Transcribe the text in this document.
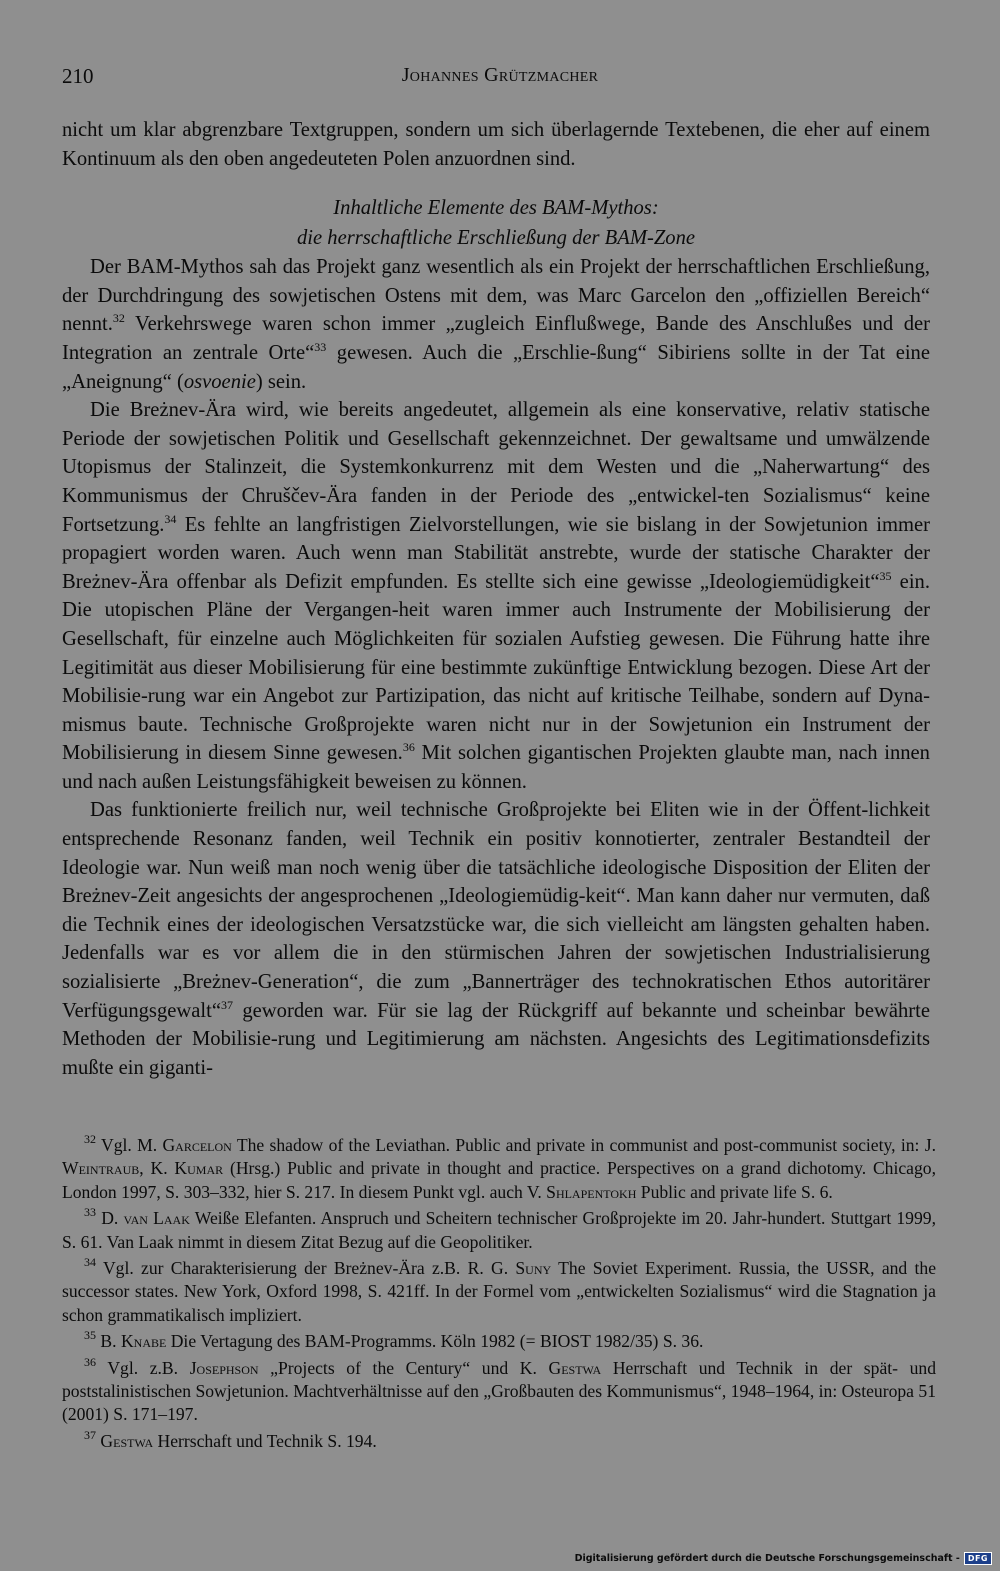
210	Johannes Grützmacher

nicht um klar abgrenzbare Textgruppen, sondern um sich überlagernde Textebenen, die eher auf einem Kontinuum als den oben angedeuteten Polen anzuordnen sind.

Inhaltliche Elemente des BAM-Mythos:
die herrschaftliche Erschließung der BAM-Zone

Der BAM-Mythos sah das Projekt ganz wesentlich als ein Projekt der herrschaftlichen Erschließung, der Durchdringung des sowjetischen Ostens mit dem, was Marc Garcelon den „offiziellen Bereich“ nennt.$^{32}$ Verkehrswege waren schon immer „zugleich Einflußwege, Bande des Anschlußes und der Integration an zentrale Orte“$^{33}$ gewesen. Auch die „Erschlie-ßung“ Sibiriens sollte in der Tat eine „Aneignung“ (osvoenie) sein.

Die Breżnev-Ära wird, wie bereits angedeutet, allgemein als eine konservative, relativ statische Periode der sowjetischen Politik und Gesellschaft gekennzeichnet. Der gewaltsame und umwälzende Utopismus der Stalinzeit, die Systemkonkurrenz mit dem Westen und die „Naherwartung“ des Kommunismus der Chruščev-Ära fanden in der Periode des „entwickel-ten Sozialismus“ keine Fortsetzung.$^{34}$ Es fehlte an langfristigen Zielvorstellungen, wie sie bislang in der Sowjetunion immer propagiert worden waren. Auch wenn man Stabilität anstrebte, wurde der statische Charakter der Breżnev-Ära offenbar als Defizit empfunden. Es stellte sich eine gewisse „Ideologiemüdigkeit“$^{35}$ ein. Die utopischen Pläne der Vergangen-heit waren immer auch Instrumente der Mobilisierung der Gesellschaft, für einzelne auch Möglichkeiten für sozialen Aufstieg gewesen. Die Führung hatte ihre Legitimität aus dieser Mobilisierung für eine bestimmte zukünftige Entwicklung bezogen. Diese Art der Mobilisie-rung war ein Angebot zur Partizipation, das nicht auf kritische Teilhabe, sondern auf Dyna-mismus baute. Technische Großprojekte waren nicht nur in der Sowjetunion ein Instrument der Mobilisierung in diesem Sinne gewesen.$^{36}$ Mit solchen gigantischen Projekten glaubte man, nach innen und nach außen Leistungsfähigkeit beweisen zu können.

Das funktionierte freilich nur, weil technische Großprojekte bei Eliten wie in der Öffent-lichkeit entsprechende Resonanz fanden, weil Technik ein positiv konnotierter, zentraler Bestandteil der Ideologie war. Nun weiß man noch wenig über die tatsächliche ideologische Disposition der Eliten der Breżnev-Zeit angesichts der angesprochenen „Ideologiemüdig-keit“. Man kann daher nur vermuten, daß die Technik eines der ideologischen Versatzstücke war, die sich vielleicht am längsten gehalten haben. Jedenfalls war es vor allem die in den stürmischen Jahren der sowjetischen Industrialisierung sozialisierte „Breżnev-Generation“, die zum „Bannerträger des technokratischen Ethos autoritärer Verfügungsgewalt“$^{37}$ geworden war. Für sie lag der Rückgriff auf bekannte und scheinbar bewährte Methoden der Mobilisie-rung und Legitimierung am nächsten. Angesichts des Legitimationsdefizits mußte ein giganti-

$^{32}$ Vgl. M. Garcelon The shadow of the Leviathan. Public and private in communist and post-communist society, in: J. Weintraub, K. Kumar (Hrsg.) Public and private in thought and practice. Perspectives on a grand dichotomy. Chicago, London 1997, S. 303–332, hier S. 217. In diesem Punkt vgl. auch V. Shlapentokh Public and private life S. 6.

$^{33}$ D. van Laak Weiße Elefanten. Anspruch und Scheitern technischer Großprojekte im 20. Jahr-hundert. Stuttgart 1999, S. 61. Van Laak nimmt in diesem Zitat Bezug auf die Geopolitiker.

$^{34}$ Vgl. zur Charakterisierung der Breżnev-Ära z.B. R. G. Suny The Soviet Experiment. Russia, the USSR, and the successor states. New York, Oxford 1998, S. 421ff. In der Formel vom „entwickelten Sozialismus“ wird die Stagnation ja schon grammatikalisch impliziert.

$^{35}$ B. Knabe Die Vertagung des BAM-Programms. Köln 1982 (= BIOST 1982/35) S. 36.

$^{36}$ Vgl. z.B. Josephson „Projects of the Century“ und K. Gestwa Herrschaft und Technik in der spät- und poststalinistischen Sowjetunion. Machtverhältnisse auf den „Großbauten des Kommunismus“, 1948–1964, in: Osteuropa 51 (2001) S. 171–197.

$^{37}$ Gestwa Herrschaft und Technik S. 194.

Digitalisierung gefördert durch die Deutsche Forschungsgemeinschaft -	DFG
